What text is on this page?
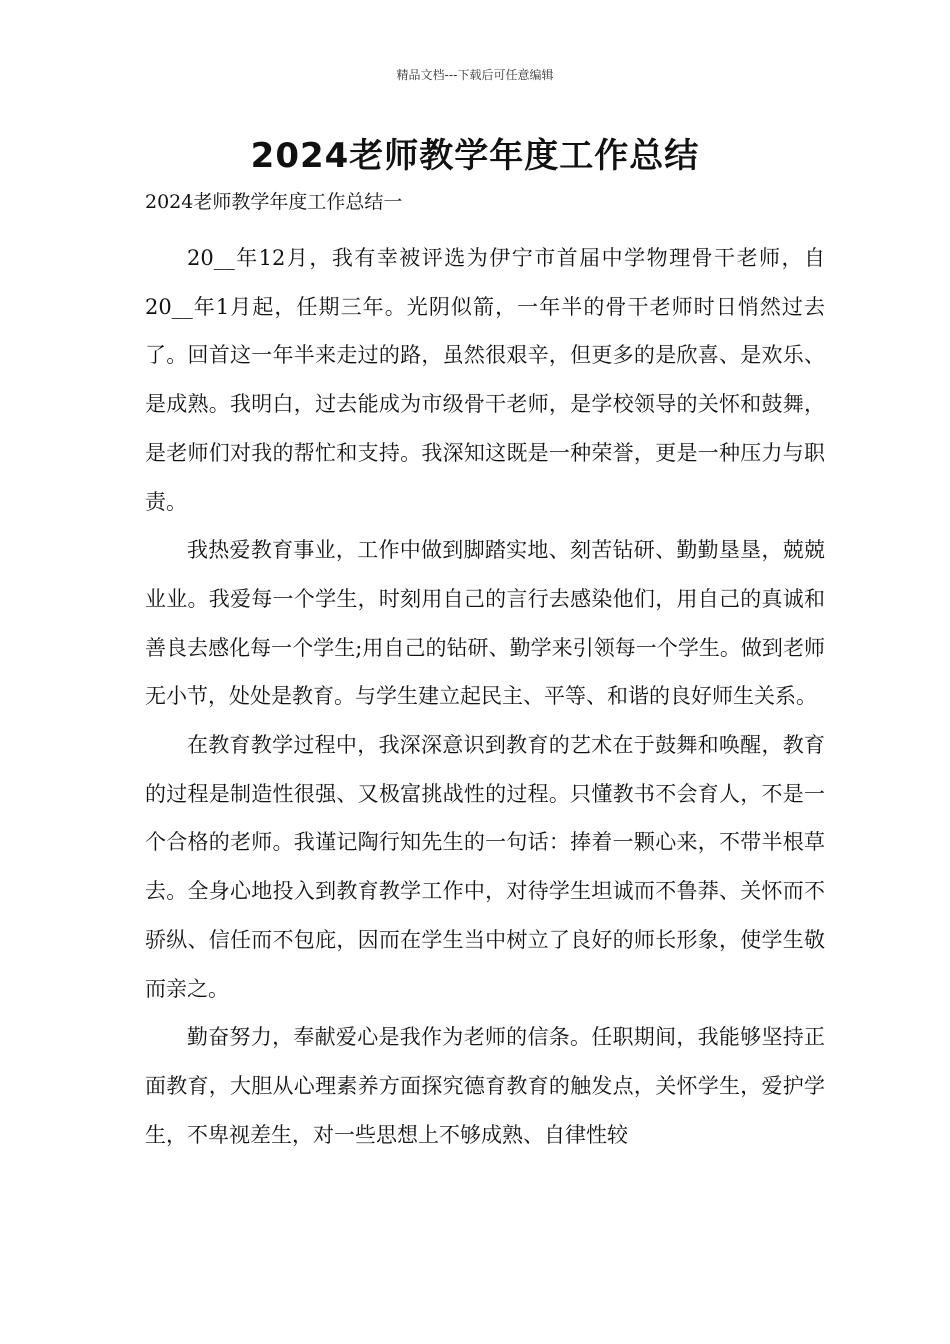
精品文档---下载后可任意编辑
2024老师教学年度工作总结
2024老师教学年度工作总结一

20__年12月，我有幸被评选为伊宁市首届中学物理骨干老师，自20__年1月起，任期三年。光阴似箭，一年半的骨干老师时日悄然过去了。回首这一年半来走过的路，虽然很艰辛，但更多的是欣喜、是欢乐、是成熟。我明白，过去能成为市级骨干老师，是学校领导的关怀和鼓舞，是老师们对我的帮忙和支持。我深知这既是一种荣誉，更是一种压力与职责。

我热爱教育事业，工作中做到脚踏实地、刻苦钻研、勤勤垦垦，兢兢业业。我爱每一个学生，时刻用自己的言行去感染他们，用自己的真诚和善良去感化每一个学生;用自己的钻研、勤学来引领每一个学生。做到老师无小节，处处是教育。与学生建立起民主、平等、和谐的良好师生关系。

在教育教学过程中，我深深意识到教育的艺术在于鼓舞和唤醒，教育的过程是制造性很强、又极富挑战性的过程。只懂教书不会育人，不是一个合格的老师。我谨记陶行知先生的一句话：捧着一颗心来，不带半根草去。全身心地投入到教育教学工作中，对待学生坦诚而不鲁莽、关怀而不骄纵、信任而不包庇，因而在学生当中树立了良好的师长形象，使学生敬而亲之。

勤奋努力，奉献爱心是我作为老师的信条。任职期间，我能够坚持正面教育，大胆从心理素养方面探究德育教育的触发点，关怀学生，爱护学生，不卑视差生，对一些思想上不够成熟、自律性较
